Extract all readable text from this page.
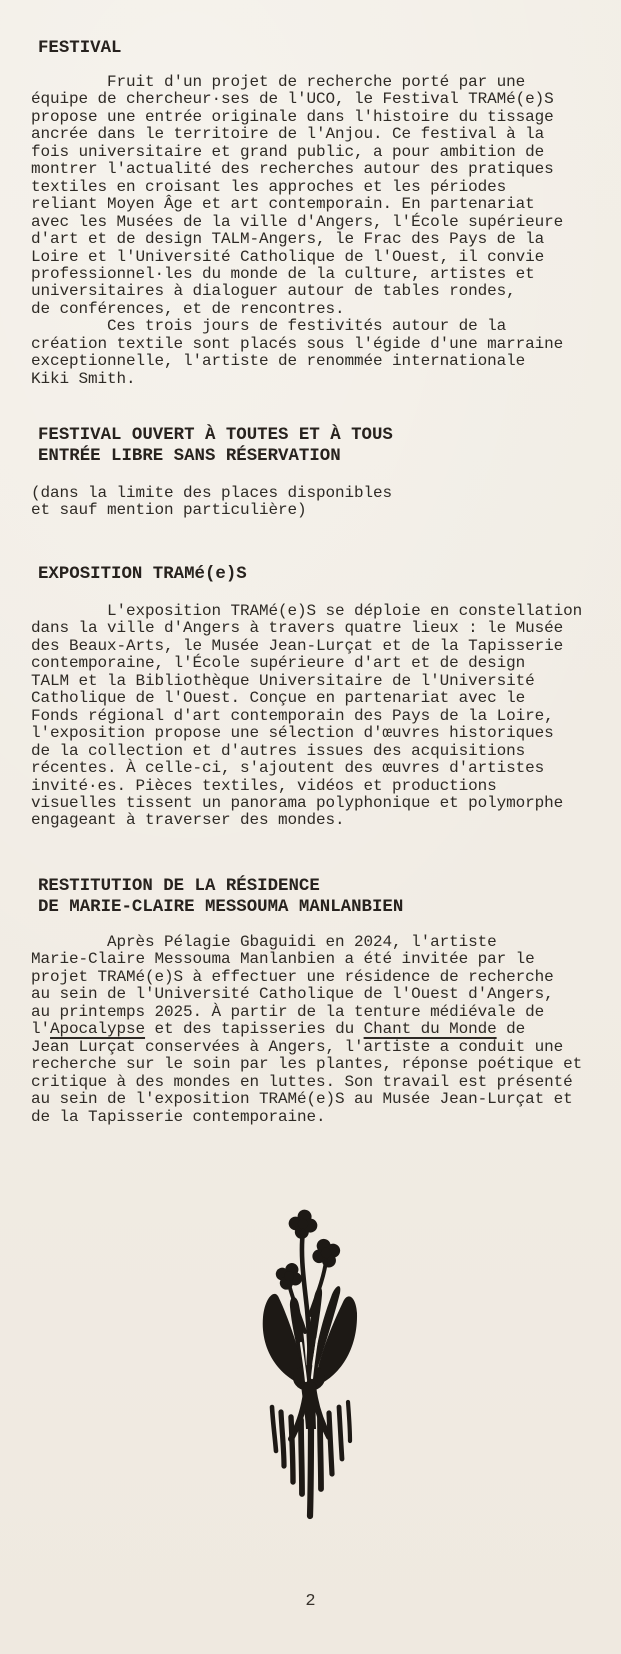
FESTIVAL
Fruit d'un projet de recherche porté par une
équipe de chercheur·ses de l'UCO, le Festival TRAMé(e)S
propose une entrée originale dans l'histoire du tissage
ancrée dans le territoire de l'Anjou. Ce festival à la
fois universitaire et grand public, a pour ambition de
montrer l'actualité des recherches autour des pratiques
textiles en croisant les approches et les périodes
reliant Moyen Âge et art contemporain. En partenariat
avec les Musées de la ville d'Angers, l'École supérieure
d'art et de design TALM-Angers, le Frac des Pays de la
Loire et l'Université Catholique de l'Ouest, il convie
professionnel·les du monde de la culture, artistes et
universitaires à dialoguer autour de tables rondes,
de conférences, et de rencontres.
Ces trois jours de festivités autour de la
création textile sont placés sous l'égide d'une marraine
exceptionnelle, l'artiste de renommée internationale
Kiki Smith.
FESTIVAL OUVERT À TOUTES ET À TOUS
ENTRÉE LIBRE SANS RÉSERVATION
(dans la limite des places disponibles
et sauf mention particulière)
EXPOSITION TRAMé(e)S
L'exposition TRAMé(e)S se déploie en constellation
dans la ville d'Angers à travers quatre lieux : le Musée
des Beaux-Arts, le Musée Jean-Lurçat et de la Tapisserie
contemporaine, l'École supérieure d'art et de design
TALM et la Bibliothèque Universitaire de l'Université
Catholique de l'Ouest. Conçue en partenariat avec le
Fonds régional d'art contemporain des Pays de la Loire,
l'exposition propose une sélection d'œuvres historiques
de la collection et d'autres issues des acquisitions
récentes. À celle-ci, s'ajoutent des œuvres d'artistes
invité·es. Pièces textiles, vidéos et productions
visuelles tissent un panorama polyphonique et polymorphe
engageant à traverser des mondes.
RESTITUTION DE LA RÉSIDENCE
DE MARIE-CLAIRE MESSOUMA MANLANBIEN
Après Pélagie Gbaguidi en 2024, l'artiste
Marie-Claire Messouma Manlanbien a été invitée par le
projet TRAMé(e)S à effectuer une résidence de recherche
au sein de l'Université Catholique de l'Ouest d'Angers,
au printemps 2025. À partir de la tenture médiévale de
l'Apocalypse et des tapisseries du Chant du Monde de
Jean Lurçat conservées à Angers, l'artiste a conduit une
recherche sur le soin par les plantes, réponse poétique et
critique à des mondes en luttes. Son travail est présenté
au sein de l'exposition TRAMé(e)S au Musée Jean-Lurçat et
de la Tapisserie contemporaine.
2
